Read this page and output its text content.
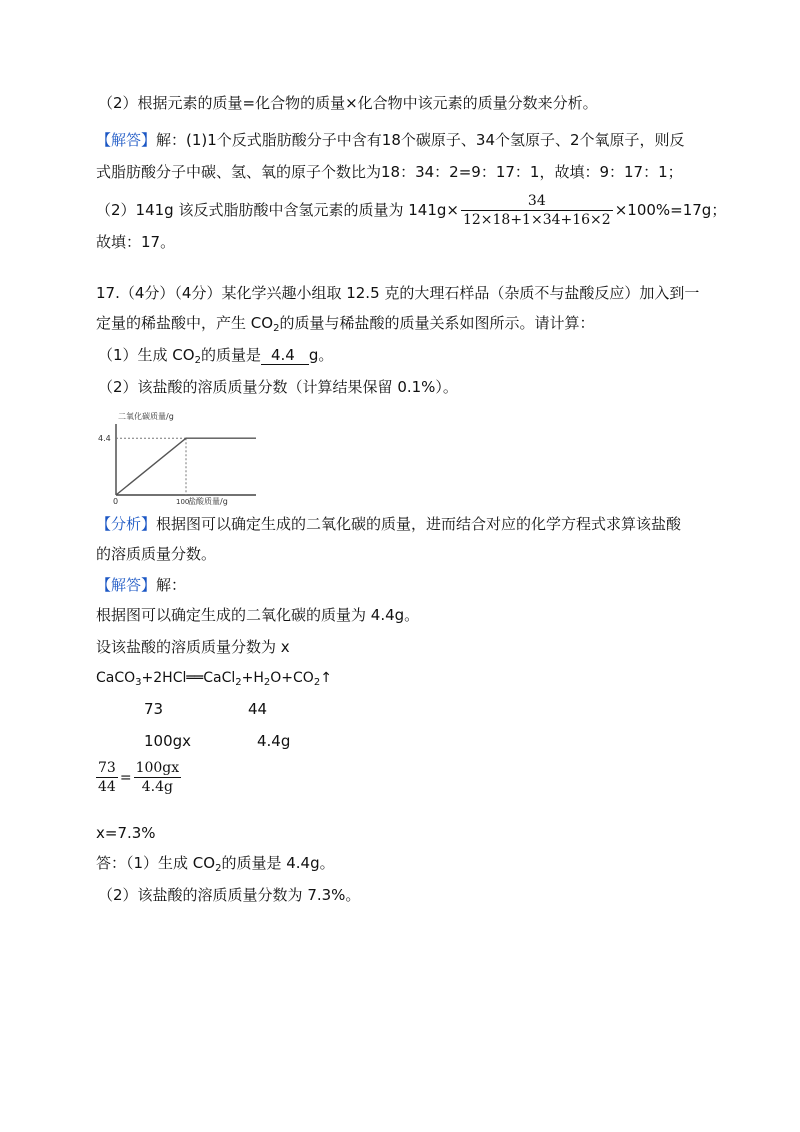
（2）根据元素的质量=化合物的质量×化合物中该元素的质量分数来分析。
【解答】解：(1)1个反式脂肪酸分子中含有18个碳原子、34个氢原子、2个氧原子，则反
式脂肪酸分子中碳、氢、氧的原子个数比为18：34：2=9：17：1，故填：9：17：1；
（2）141g 该反式脂肪酸中含氢元素的质量为 $141g\times \frac{34}{12\times 18+1\times 34+16\times 2} \times 100\%=17g$；
故填：17。
17.（4分）（4分）某化学兴趣小组取 12.5 克的大理石样品（杂质不与盐酸反应）加入到一
定量的稀盐酸中，产生 $CO_2$的质量与稀盐酸的质量关系如图所示。请计算：
（1）生成 $CO_2$的质量是 4.4 g。
（2）该盐酸的溶质质量分数（计算结果保留 0.1%）。
二氧化碳质量/g
0	100
4.4
盐酸质量/g
【分析】根据图可以确定生成的二氧化碳的质量，进而结合对应的化学方程式求算该盐酸
的溶质质量分数。
【解答】解：
根据图可以确定生成的二氧化碳的质量为 4.4g。
设该盐酸的溶质质量分数为 x
$CaCO_3+2HCl══CaCl_2+H_2O+CO_2↑$
73	44
100gx	4.4g
$\frac{73}{44} = \frac{100gx}{4.4g}$
x=7.3%
答：（1）生成 $CO_2$的质量是 4.4g。
（2）该盐酸的溶质质量分数为 7.3%。
